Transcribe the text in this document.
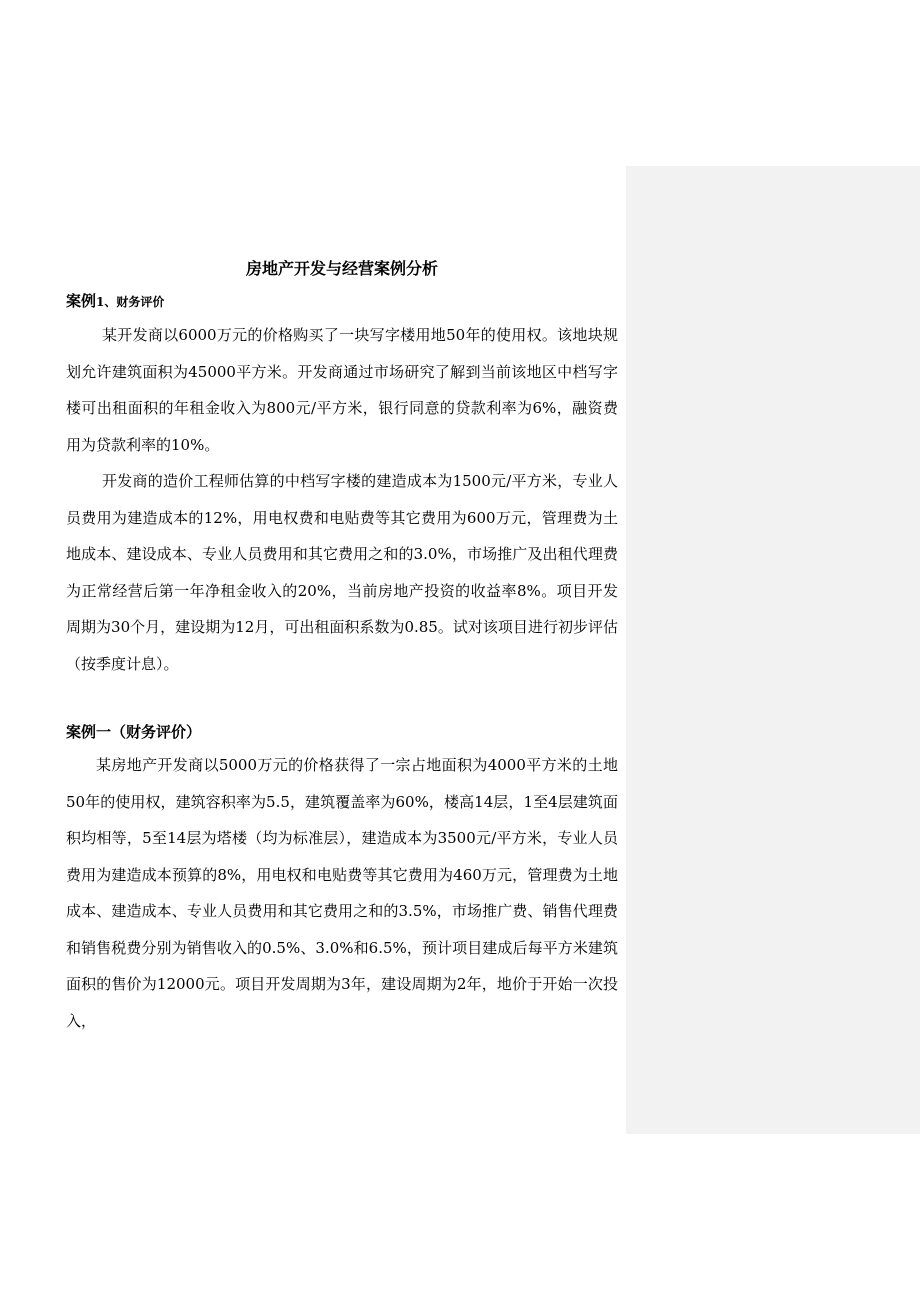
房地产开发与经营案例分析

案例1、财务评价

某开发商以6000万元的价格购买了一块写字楼用地50年的使用权。该地块规划允许建筑面积为45000平方米。开发商通过市场研究了解到当前该地区中档写字楼可出租面积的年租金收入为800元/平方米，银行同意的贷款利率为6%，融资费用为贷款利率的10%。

开发商的造价工程师估算的中档写字楼的建造成本为1500元/平方米，专业人员费用为建造成本的12%，用电权费和电贴费等其它费用为600万元，管理费为土地成本、建设成本、专业人员费用和其它费用之和的3.0%，市场推广及出租代理费为正常经营后第一年净租金收入的20%，当前房地产投资的收益率8%。项目开发周期为30个月，建设期为12月，可出租面积系数为0.85。试对该项目进行初步评估（按季度计息）。

案例一（财务评价）

某房地产开发商以5000万元的价格获得了一宗占地面积为4000平方米的土地50年的使用权，建筑容积率为5.5，建筑覆盖率为60%，楼高14层，1至4层建筑面积均相等，5至14层为塔楼（均为标准层），建造成本为3500元/平方米，专业人员费用为建造成本预算的8%，用电权和电贴费等其它费用为460万元，管理费为土地成本、建造成本、专业人员费用和其它费用之和的3.5%，市场推广费、销售代理费和销售税费分别为销售收入的0.5%、3.0%和6.5%，预计项目建成后每平方米建筑面积的售价为12000元。项目开发周期为3年，建设周期为2年，地价于开始一次投入，
